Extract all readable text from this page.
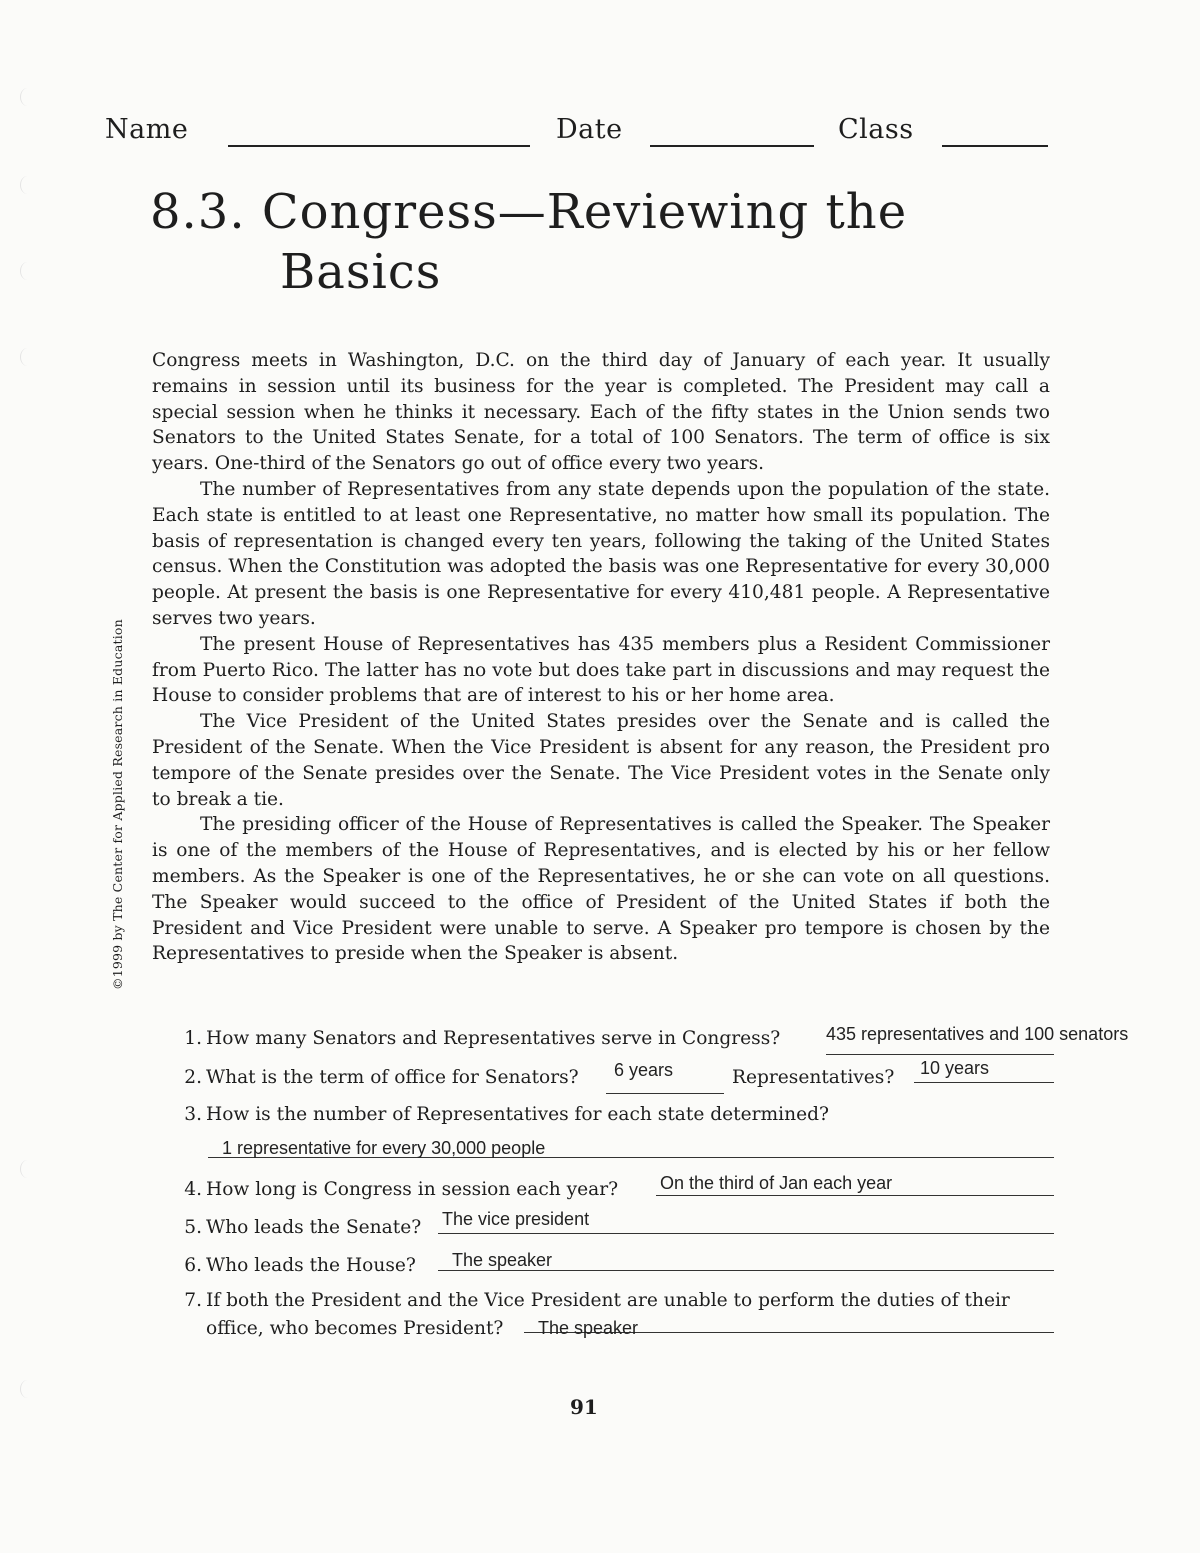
Name	Date	Class
8.3. Congress—Reviewing the
Basics

Congress meets in Washington, D.C. on the third day of January of each year. It usually remains in session until its business for the year is completed. The President may call a special session when he thinks it necessary. Each of the fifty states in the Union sends two Senators to the United States Senate, for a total of 100 Senators. The term of office is six years. One-third of the Senators go out of office every two years.

The number of Representatives from any state depends upon the population of the state. Each state is entitled to at least one Representative, no matter how small its population. The basis of representation is changed every ten years, following the taking of the United States census. When the Constitution was adopted the basis was one Representative for every 30,000 people. At present the basis is one Representative for every 410,481 people. A Representative serves two years.

The present House of Representatives has 435 members plus a Resident Commissioner from Puerto Rico. The latter has no vote but does take part in discussions and may request the House to consider problems that are of interest to his or her home area.

The Vice President of the United States presides over the Senate and is called the President of the Senate. When the Vice President is absent for any reason, the President pro tempore of the Senate presides over the Senate. The Vice President votes in the Senate only to break a tie.

The presiding officer of the House of Representatives is called the Speaker. The Speaker is one of the members of the House of Representatives, and is elected by his or her fellow members. As the Speaker is one of the Representatives, he or she can vote on all questions. The Speaker would succeed to the office of President of the United States if both the President and Vice President were unable to serve. A Speaker pro tempore is chosen by the Representatives to preside when the Speaker is absent.

©1999 by The Center for Applied Research in Education
1. How many Senators and Representatives serve in Congress?	435 representatives and 100 senators
2. What is the term of office for Senators? 6 years	Representatives? 10 years
3. How is the number of Representatives for each state determined?
1 representative for every 30,000 people
4. How long is Congress in session each year? On the third of Jan each year
5. Who leads the Senate? The vice president
6. Who leads the House? The speaker
7. If both the President and the Vice President are unable to perform the duties of their
office, who becomes President? The speaker
91
